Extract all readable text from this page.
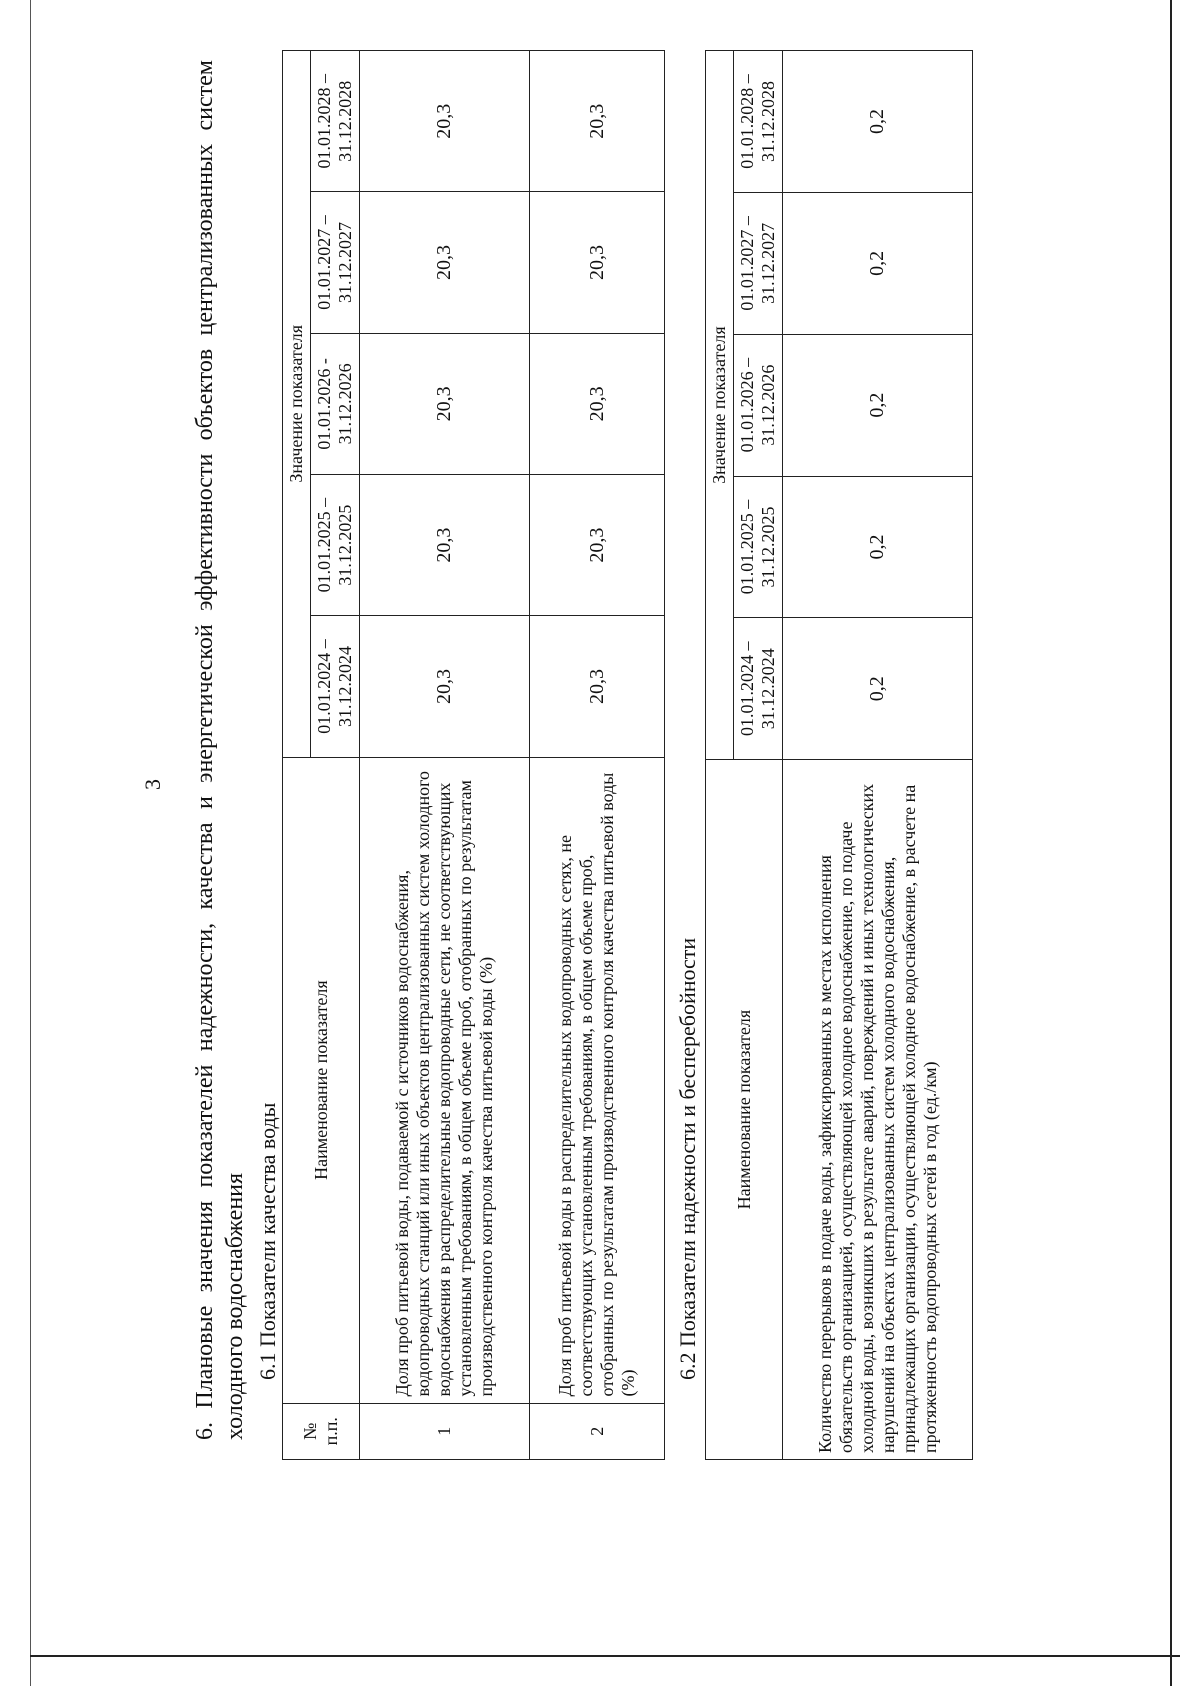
3 6. Плановые значения показателей надежности, качества и энергетической эффективности объектов централизованных систем холодного водоснабжения 6.1 Показатели качества воды
№ п.п.	Наименование показателя	Значение показателя				
		01.01.2024 – 31.12.2024	01.01.2025 – 31.12.2025	01.01.2026 - 31.12.2026	01.01.2027 – 31.12.2027	01.01.2028 – 31.12.2028
1	Доля проб питьевой воды, подаваемой с источников водоснабжения, водопроводных станций или иных объектов централизованных систем холодного водоснабжения в распределительные водопроводные сети, не соответствующих установленным требованиям, в общем объеме проб, отобранных по результатам производственного контроля качества питьевой воды (%)	20,3	20,3	20,3	20,3	20,3
2	Доля проб питьевой воды в распределительных водопроводных сетях, не соответствующих установленным требованиям, в общем объеме проб, отобранных по результатам производственного контроля качества питьевой воды (%)	20,3	20,3	20,3	20,3	20,3
6.2 Показатели надежности и бесперебойности Наименование показателя	Значение показателя				
	01.01.2024 – 31.12.2024	01.01.2025 – 31.12.2025	01.01.2026 – 31.12.2026	01.01.2027 – 31.12.2027	01.01.2028 – 31.12.2028
Количество перерывов в подаче воды, зафиксированных в местах исполнения обязательств организацией, осуществляющей холодное водоснабжение, по подаче холодной воды, возникших в результате аварий, повреждений и иных технологических нарушений на объектах централизованных систем холодного водоснабжения, принадлежащих организации, осуществляющей холодное водоснабжение, в расчете на протяженность водопроводных сетей в год (ед./км)	0,2	0,2	0,2	0,2	0,2
